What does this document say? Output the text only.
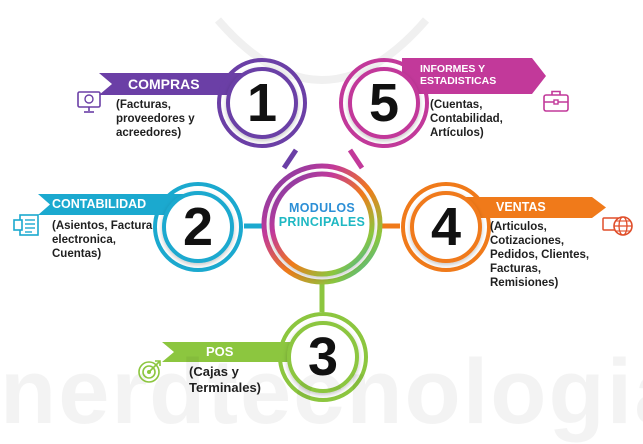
MODULOS
PRINCIPALES
1	5
2	4
3
COMPRAS
INFORMES Y
ESTADISTICAS
CONTABILIDAD	VENTAS
POS
(Facturas,
proveedores y
acreedores)
(Cuentas,
Contabilidad,
Artículos)
(Asientos, Factura
electronica,
Cuentas)
(Articulos,
Cotizaciones,
Pedidos, Clientes,
Facturas,
Remisiones)
(Cajas y
Terminales)
